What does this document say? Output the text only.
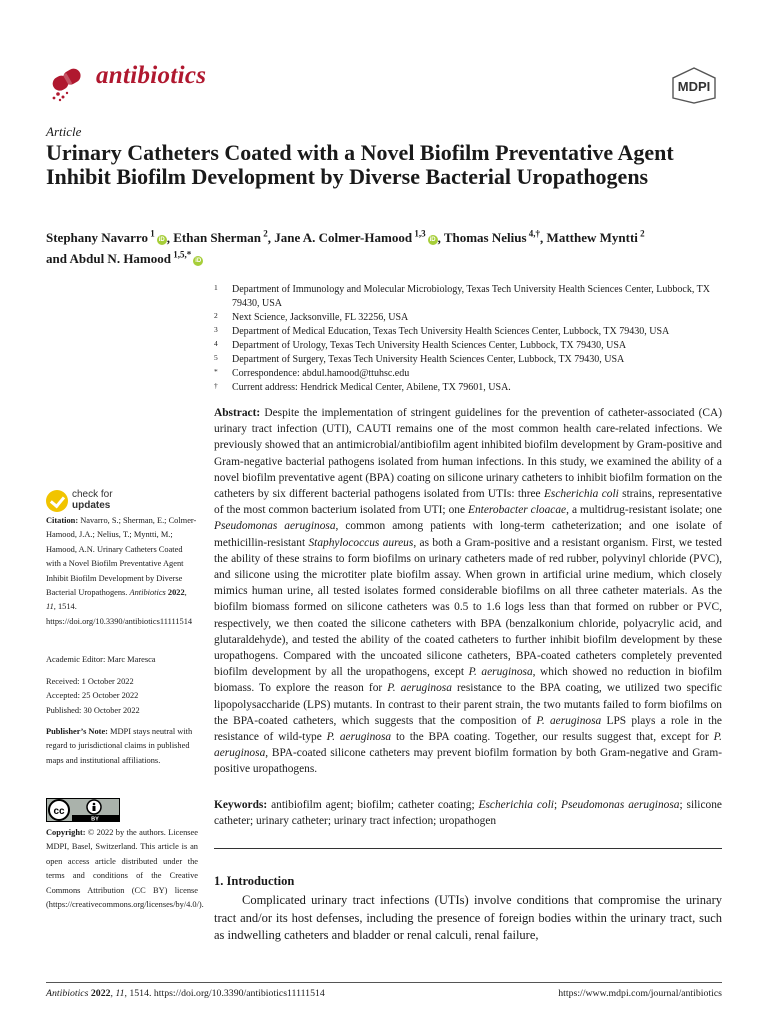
antibiotics	MDPI
Article
Urinary Catheters Coated with a Novel Biofilm Preventative Agent Inhibit Biofilm Development by Diverse Bacterial Uropathogens
Stephany Navarro $^1$iD , Ethan Sherman $^2$, Jane A. Colmer-Hamood $^{1,3}$iD , Thomas Nelius $^{4,\dagger}$, Matthew Myntti $^2$
and Abdul N. Hamood $^{1,5,*}$iD
1	Department of Immunology and Molecular Microbiology, Texas Tech University Health Sciences Center, Lubbock, TX 79430, USA
2	Next Science, Jacksonville, FL 32256, USA
3	Department of Medical Education, Texas Tech University Health Sciences Center, Lubbock, TX 79430, USA
4	Department of Urology, Texas Tech University Health Sciences Center, Lubbock, TX 79430, USA
5	Department of Surgery, Texas Tech University Health Sciences Center, Lubbock, TX 79430, USA
*	Correspondence: abdul.hamood@ttuhsc.edu
†	Current address: Hendrick Medical Center, Abilene, TX 79601, USA.

Abstract: Despite the implementation of stringent guidelines for the prevention of catheter-associated (CA) urinary tract infection (UTI), CAUTI remains one of the most common health care-related infections. We previously showed that an antimicrobial/antibiofilm agent inhibited biofilm development by Gram-positive and Gram-negative bacterial pathogens isolated from human infections. In this study, we examined the ability of a novel biofilm preventative agent (BPA) coating on silicone urinary catheters to inhibit biofilm formation on the catheters by six different bacterial pathogens isolated from UTIs: three Escherichia coli strains, representative of the most common bacterium isolated from UTI; one Enterobacter cloacae, a multidrug-resistant isolate; one Pseudomonas aeruginosa, common among patients with long-term catheterization; and one isolate of methicillin-resistant Staphylococcus aureus, as both a Gram-positive and a resistant organism. First, we tested the ability of these strains to form biofilms on urinary catheters made of red rubber, polyvinyl chloride (PVC), and silicone using the microtiter plate biofilm assay. When grown in artificial urine medium, which closely mimics human urine, all tested isolates formed considerable biofilms on all three catheter materials. As the biofilm biomass formed on silicone catheters was 0.5 to 1.6 logs less than that formed on rubber or PVC, respectively, we then coated the silicone catheters with BPA (benzalkonium chloride, polyacrylic acid, and glutaraldehyde), and tested the ability of the coated catheters to further inhibit biofilm development by these uropathogens. Compared with the uncoated silicone catheters, BPA-coated catheters completely prevented biofilm development by all the uropathogens, except P. aeruginosa, which showed no reduction in biofilm biomass. To explore the reason for P. aeruginosa resistance to the BPA coating, we utilized two specific lipopolysaccharide (LPS) mutants. In contrast to their parent strain, the two mutants failed to form biofilms on the BPA-coated catheters, which suggests that the composition of P. aeruginosa LPS plays a role in the resistance of wild-type P. aeruginosa to the BPA coating. Together, our results suggest that, except for P. aeruginosa, BPA-coated silicone catheters may prevent biofilm formation by both Gram-negative and Gram-positive uropathogens.

Keywords: antibiofilm agent; biofilm; catheter coating; Escherichia coli; Pseudomonas aeruginosa; silicone catheter; urinary catheter; urinary tract infection; uropathogen

1. Introduction

Complicated urinary tract infections (UTIs) involve conditions that compromise the urinary tract and/or its host defenses, including the presence of foreign bodies within the urinary tract, such as indwelling catheters and bladder or renal calculi, renal failure,

check for
updates

Citation: Navarro, S.; Sherman, E.; Colmer-Hamood, J.A.; Nelius, T.; Myntti, M.; Hamood, A.N. Urinary Catheters Coated with a Novel Biofilm Preventative Agent Inhibit Biofilm Development by Diverse Bacterial Uropathogens. Antibiotics 2022, 11, 1514. https://doi.org/10.3390/antibiotics11111514

Academic Editor: Marc Maresca

Received: 1 October 2022
Accepted: 25 October 2022
Published: 30 October 2022

Publisher’s Note: MDPI stays neutral with regard to jurisdictional claims in published maps and institutional affiliations.

cc
BY

Copyright: © 2022 by the authors. Licensee MDPI, Basel, Switzerland. This article is an open access article distributed under the terms and conditions of the Creative Commons Attribution (CC BY) license (https://creativecommons.org/licenses/by/4.0/).

Antibiotics 2022, 11, 1514. https://doi.org/10.3390/antibiotics11111514	https://www.mdpi.com/journal/antibiotics
